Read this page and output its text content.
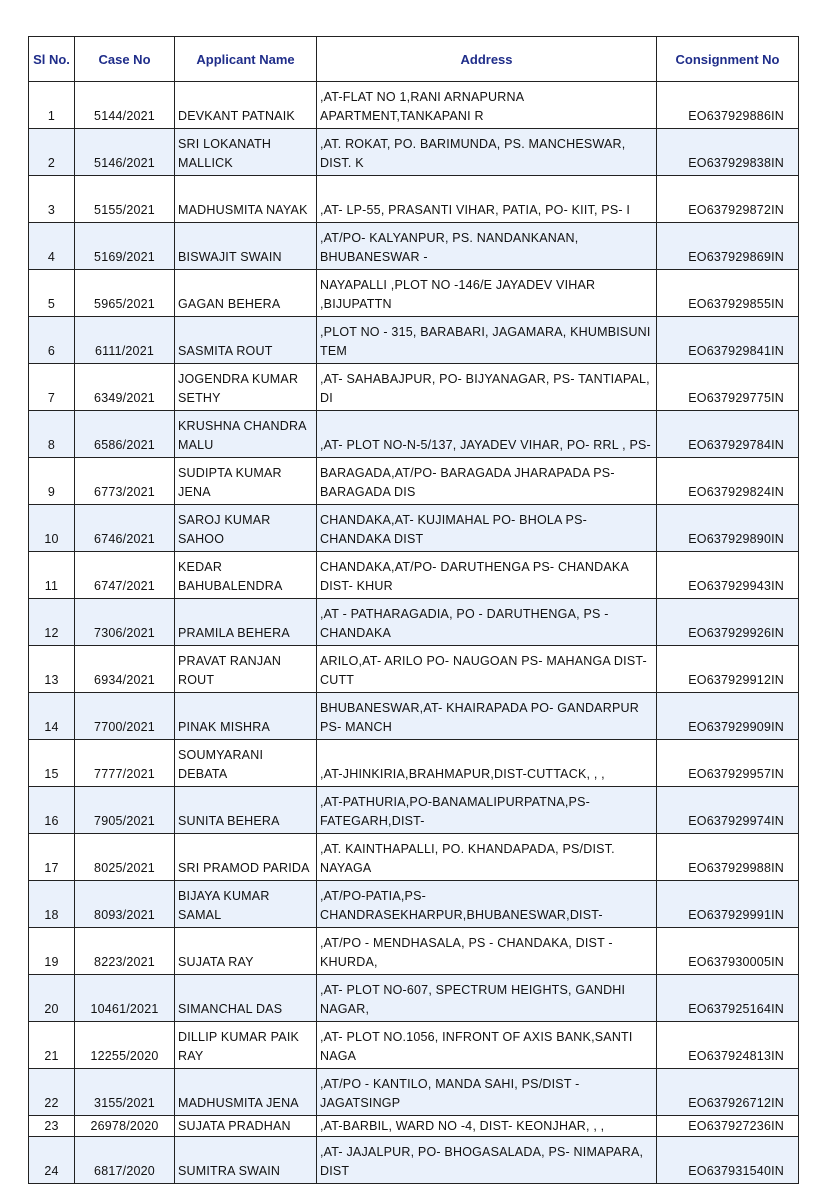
Sl No.	Case No	Applicant Name	Address	Consignment No
1	5144/2021	DEVKANT PATNAIK	,AT-FLAT NO 1,RANI ARNAPURNA APARTMENT,TANKAPANI R	EO637929886IN
2	5146/2021	SRI LOKANATH MALLICK	,AT. ROKAT, PO. BARIMUNDA, PS. MANCHESWAR, DIST. K	EO637929838IN
3	5155/2021	MADHUSMITA NAYAK	,AT- LP-55, PRASANTI VIHAR, PATIA, PO- KIIT, PS- I	EO637929872IN
4	5169/2021	BISWAJIT SWAIN	,AT/PO- KALYANPUR, PS. NANDANKANAN, BHUBANESWAR -	EO637929869IN
5	5965/2021	GAGAN BEHERA	NAYAPALLI ,PLOT NO -146/E JAYADEV VIHAR ,BIJUPATTN	EO637929855IN
6	6111/2021	SASMITA ROUT	,PLOT NO - 315, BARABARI, JAGAMARA, KHUMBISUNI TEM	EO637929841IN
7	6349/2021	JOGENDRA KUMAR SETHY	,AT- SAHABAJPUR, PO- BIJYANAGAR, PS- TANTIAPAL, DI	EO637929775IN
8	6586/2021	KRUSHNA CHANDRA MALU	,AT- PLOT NO-N-5/137, JAYADEV VIHAR, PO- RRL , PS-	EO637929784IN
9	6773/2021	SUDIPTA KUMAR JENA	BARAGADA,AT/PO- BARAGADA JHARAPADA PS- BARAGADA DIS	EO637929824IN
10	6746/2021	SAROJ KUMAR SAHOO	CHANDAKA,AT- KUJIMAHAL PO- BHOLA PS- CHANDAKA DIST	EO637929890IN
11	6747/2021	KEDAR BAHUBALENDRA	CHANDAKA,AT/PO- DARUTHENGA PS- CHANDAKA DIST- KHUR	EO637929943IN
12	7306/2021	PRAMILA BEHERA	,AT - PATHARAGADIA, PO - DARUTHENGA, PS - CHANDAKA	EO637929926IN
13	6934/2021	PRAVAT RANJAN ROUT	ARILO,AT- ARILO PO- NAUGOAN PS- MAHANGA DIST- CUTT	EO637929912IN
14	7700/2021	PINAK MISHRA	BHUBANESWAR,AT- KHAIRAPADA PO- GANDARPUR PS- MANCH	EO637929909IN
15	7777/2021	SOUMYARANI DEBATA	,AT-JHINKIRIA,BRAHMAPUR,DIST-CUTTACK, , ,	EO637929957IN
16	7905/2021	SUNITA BEHERA	,AT-PATHURIA,PO-BANAMALIPURPATNA,PS- FATEGARH,DIST-	EO637929974IN
17	8025/2021	SRI PRAMOD PARIDA	,AT. KAINTHAPALLI, PO. KHANDAPADA, PS/DIST. NAYAGA	EO637929988IN
18	8093/2021	BIJAYA KUMAR SAMAL	,AT/PO-PATIA,PS- CHANDRASEKHARPUR,BHUBANESWAR,DIST-	EO637929991IN
19	8223/2021	SUJATA RAY	,AT/PO - MENDHASALA, PS - CHANDAKA, DIST - KHURDA,	EO637930005IN
20	10461/2021	SIMANCHAL DAS	,AT- PLOT NO-607, SPECTRUM HEIGHTS, GANDHI NAGAR,	EO637925164IN
21	12255/2020	DILLIP KUMAR PAIK RAY	,AT- PLOT NO.1056, INFRONT OF AXIS BANK,SANTI NAGA	EO637924813IN
22	3155/2021	MADHUSMITA JENA	,AT/PO - KANTILO, MANDA SAHI, PS/DIST - JAGATSINGP	EO637926712IN
23	26978/2020	SUJATA PRADHAN	,AT-BARBIL, WARD NO -4, DIST- KEONJHAR, , ,	EO637927236IN
24	6817/2020	SUMITRA SWAIN	,AT- JAJALPUR, PO- BHOGASALADA, PS- NIMAPARA, DIST	EO637931540IN
